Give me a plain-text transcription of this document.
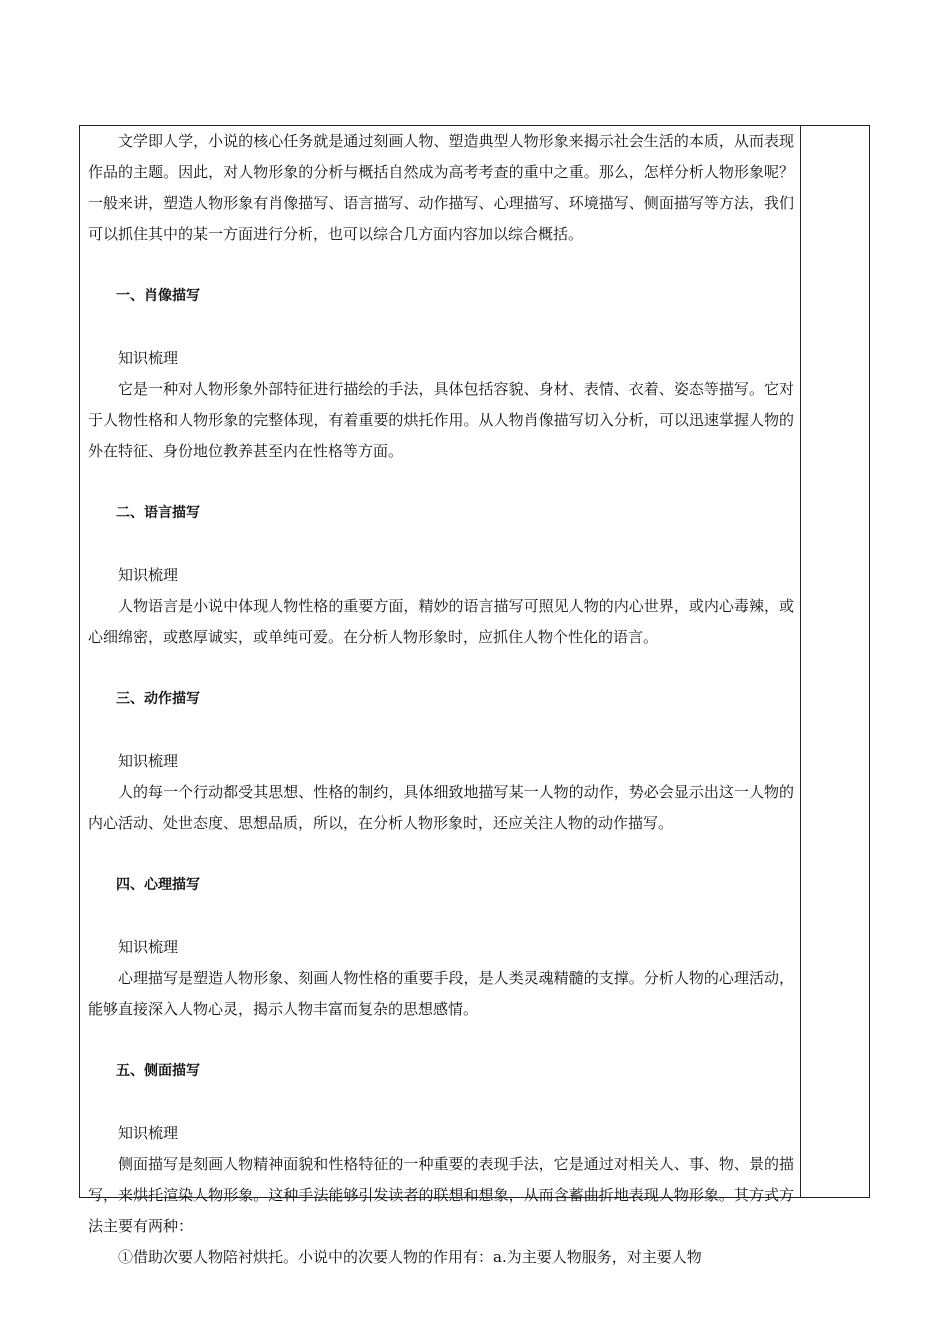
文学即人学，小说的核心任务就是通过刻画人物、塑造典型人物形象来揭示社会生活的本质，从而表现作品的主题。因此，对人物形象的分析与概括自然成为高考考查的重中之重。那么，怎样分析人物形象呢？一般来讲，塑造人物形象有肖像描写、语言描写、动作描写、心理描写、环境描写、侧面描写等方法，我们可以抓住其中的某一方面进行分析，也可以综合几方面内容加以综合概括。

一、肖像描写

知识梳理

它是一种对人物形象外部特征进行描绘的手法，具体包括容貌、身材、表情、衣着、姿态等描写。它对于人物性格和人物形象的完整体现，有着重要的烘托作用。从人物肖像描写切入分析，可以迅速掌握人物的外在特征、身份地位教养甚至内在性格等方面。

二、语言描写

知识梳理

人物语言是小说中体现人物性格的重要方面，精妙的语言描写可照见人物的内心世界，或内心毒辣，或心细绵密，或憨厚诚实，或单纯可爱。在分析人物形象时，应抓住人物个性化的语言。

三、动作描写

知识梳理

人的每一个行动都受其思想、性格的制约，具体细致地描写某一人物的动作，势必会显示出这一人物的内心活动、处世态度、思想品质，所以，在分析人物形象时，还应关注人物的动作描写。

四、心理描写

知识梳理

心理描写是塑造人物形象、刻画人物性格的重要手段，是人类灵魂精髓的支撑。分析人物的心理活动，能够直接深入人物心灵，揭示人物丰富而复杂的思想感情。

五、侧面描写

知识梳理

侧面描写是刻画人物精神面貌和性格特征的一种重要的表现手法，它是通过对相关人、事、物、景的描写，来烘托渲染人物形象。这种手法能够引发读者的联想和想象，从而含蓄曲折地表现人物形象。其方式方法主要有两种：

①借助次要人物陪衬烘托。小说中的次要人物的作用有：a.为主要人物服务，对主要人物
